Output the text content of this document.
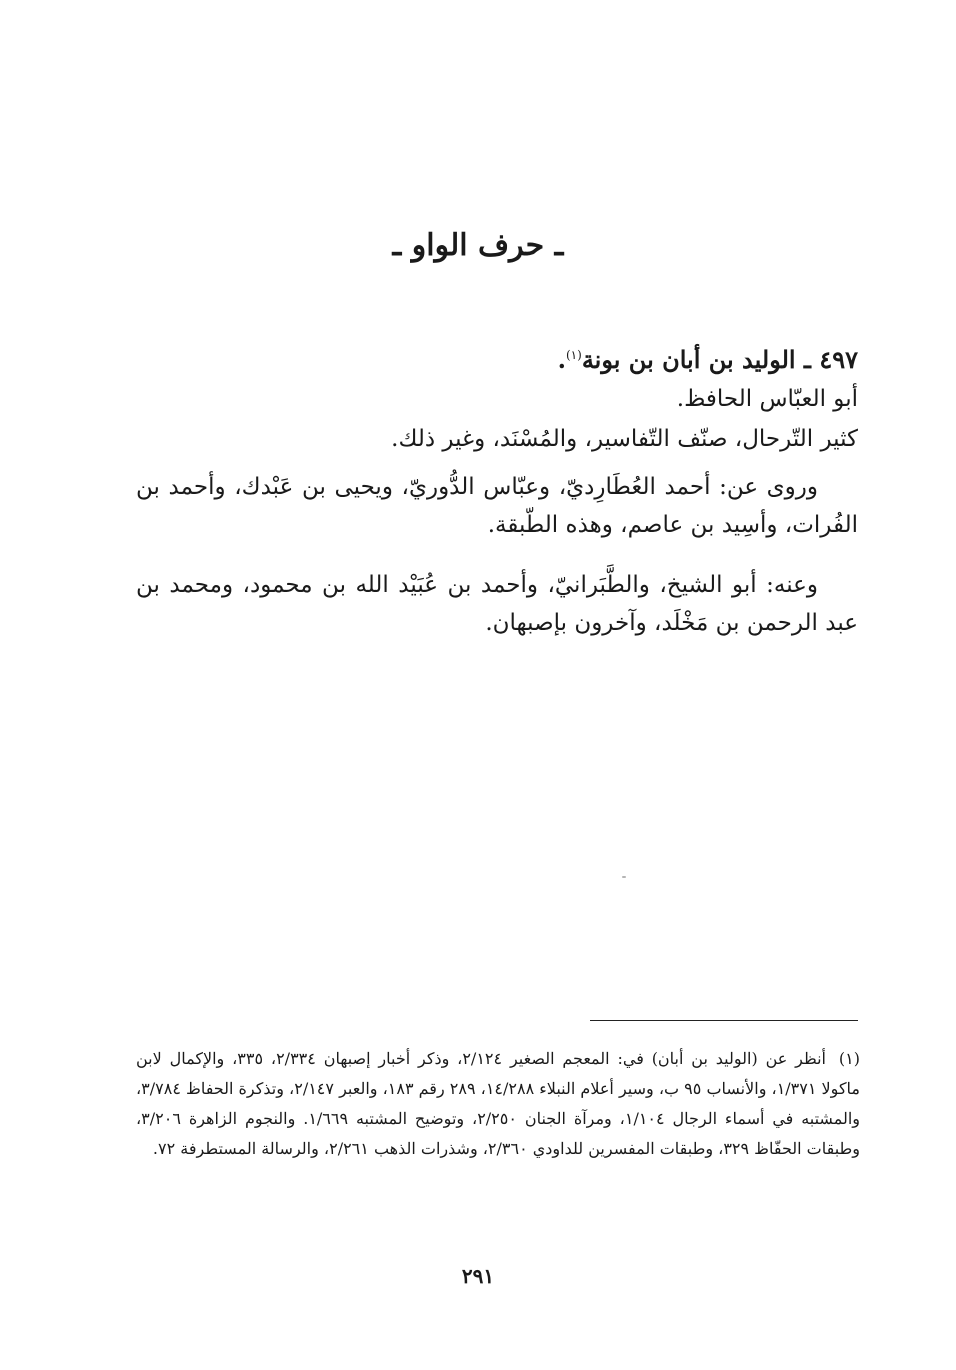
ـ حرف الواو ـ
٤٩٧ ـ الوليد بن أبان بن بونة$^{(١)}$.
أبو العبّاس الحافظ.
كثير التّرحال، صنّف التّفاسير، والمُسْنَد، وغير ذلك.
وروى عن: أحمد العُطَارِديّ، وعبّاس الدُّوريّ، ويحيى بن عَبْدك، وأحمد بن الفُرات، وأسِيد بن عاصم، وهذه الطّبقة.
وعنه: أبو الشيخ، والطَّبَرانيّ، وأحمد بن عُبَيْد الله بن محمود، ومحمد بن عبد الرحمن بن مَخْلَد، وآخرون بإصبهان.
(١)أنظر عن (الوليد بن أبان) في: المعجم الصغير ٢/١٢٤، وذكر أخبار إصبهان ٢/٣٣٤، ٣٣٥، والإكمال لابن ماكولا ١/٣٧١، والأنساب ٩٥ ب، وسير أعلام النبلاء ١٤/٢٨٨، ٢٨٩ رقم ١٨٣، والعبر ٢/١٤٧، وتذكرة الحفاظ ٣/٧٨٤، والمشتبه في أسماء الرجال ١/١٠٤، ومرآة الجنان ٢/٢٥٠، وتوضيح المشتبه ١/٦٦٩. والنجوم الزاهرة ٣/٢٠٦، وطبقات الحفّاظ ٣٢٩، وطبقات المفسرين للداودي ٢/٣٦٠، وشذرات الذهب ٢/٢٦١، والرسالة المستطرفة ٧٢.
٢٩١
